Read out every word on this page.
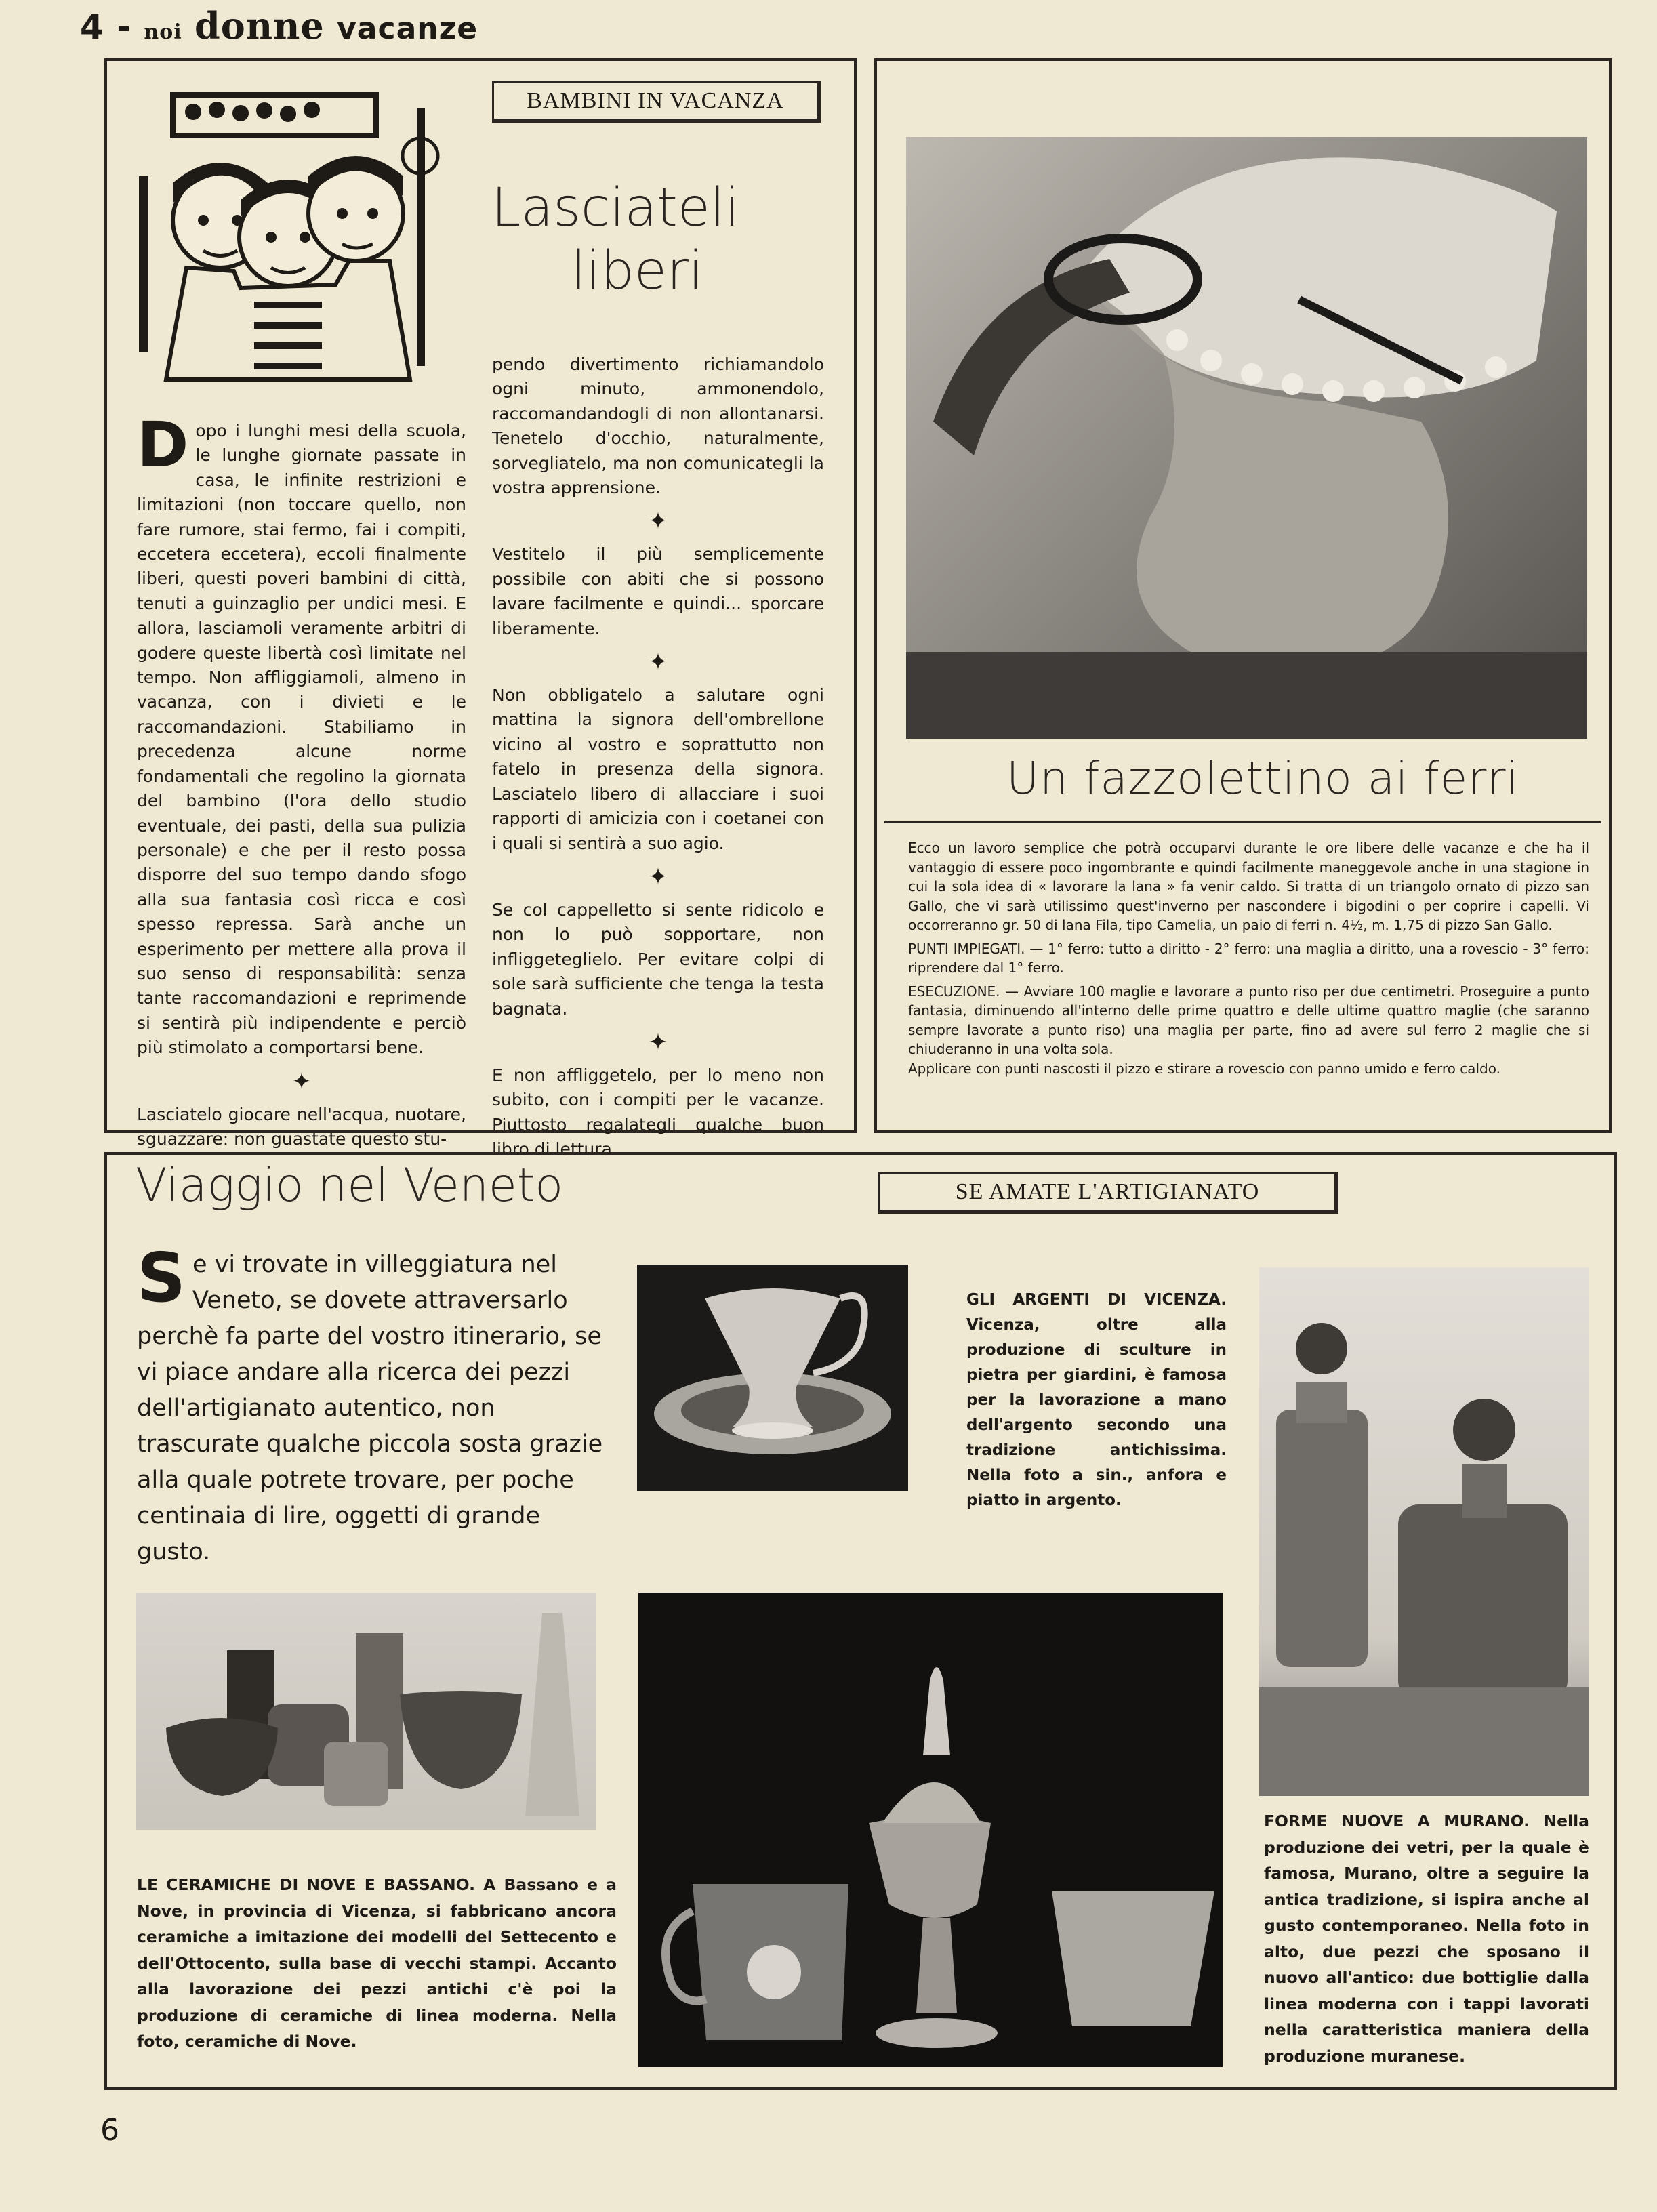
4 - noi donne vacanze
BAMBINI IN VACANZA
Lasciateli
liberi

Dopo i lunghi mesi della scuola, le lunghe giornate passate in casa, le infinite restrizioni e limitazioni (non toccare quello, non fare rumore, stai fermo, fai i compiti, eccetera eccetera), eccoli finalmente liberi, questi poveri bambini di città, tenuti a guinzaglio per undici mesi. E allora, lasciamoli veramente arbitri di godere queste libertà così limitate nel tempo. Non affliggiamoli, almeno in vacanza, con i divieti e le raccomandazioni. Stabiliamo in precedenza alcune norme fondamentali che regolino la giornata del bambino (l'ora dello studio eventuale, dei pasti, della sua pulizia personale) e che per il resto possa disporre del suo tempo dando sfogo alla sua fantasia così ricca e così spesso repressa. Sarà anche un esperimento per mettere alla prova il suo senso di responsabilità: senza tante raccomandazioni e reprimende si sentirà più indipendente e perciò più stimolato a comportarsi bene.

✦

Lasciatelo giocare nell'acqua, nuotare, sguazzare: non guastate questo stu-

pendo divertimento richiamandolo ogni minuto, ammonendolo, raccomandandogli di non allontanarsi. Tenetelo d'occhio, naturalmente, sorvegliatelo, ma non comunicategli la vostra apprensione.

✦

Vestitelo il più semplicemente possibile con abiti che si possono lavare facilmente e quindi... sporcare liberamente.

✦

Non obbligatelo a salutare ogni mattina la signora dell'ombrellone vicino al vostro e soprattutto non fatelo in presenza della signora. Lasciatelo libero di allacciare i suoi rapporti di amicizia con i coetanei con i quali si sentirà a suo agio.

✦

Se col cappelletto si sente ridicolo e non lo può sopportare, non infliggeteglielo. Per evitare colpi di sole sarà sufficiente che tenga la testa bagnata.

✦

E non affliggetelo, per lo meno non subito, con i compiti per le vacanze. Piuttosto regalategli qualche buon libro di lettura.

Un fazzolettino ai ferri

Ecco un lavoro semplice che potrà occuparvi durante le ore libere delle vacanze e che ha il vantaggio di essere poco ingombrante e quindi facilmente maneggevole anche in una stagione in cui la sola idea di « lavorare la lana » fa venir caldo. Si tratta di un triangolo ornato di pizzo san Gallo, che vi sarà utilissimo quest'inverno per nascondere i bigodini o per coprire i capelli. Vi occorreranno gr. 50 di lana Fila, tipo Camelia, un paio di ferri n. 4½, m. 1,75 di pizzo San Gallo.

PUNTI IMPIEGATI. — 1° ferro: tutto a diritto - 2° ferro: una maglia a diritto, una a rovescio - 3° ferro: riprendere dal 1° ferro.

ESECUZIONE. — Avviare 100 maglie e lavorare a punto riso per due centimetri. Proseguire a punto fantasia, diminuendo all'interno delle prime quattro e delle ultime quattro maglie (che saranno sempre lavorate a punto riso) una maglia per parte, fino ad avere sul ferro 2 maglie che si chiuderanno in una volta sola.

Applicare con punti nascosti il pizzo e stirare a rovescio con panno umido e ferro caldo.

Viaggio nel Veneto	SE AMATE L'ARTIGIANATO
Se vi trovate in villeggiatura nel Veneto, se dovete attraversarlo perchè fa parte del vostro itinerario, se vi piace andare alla ricerca dei pezzi dell'artigianato autentico, non trascurate qualche piccola sosta grazie alla quale potrete trovare, per poche centinaia di lire, oggetti di grande gusto.
GLI ARGENTI DI VICENZA. Vicenza, oltre alla produzione di sculture in pietra per giardini, è famosa per la lavorazione a mano dell'argento secondo una tradizione antichissima. Nella foto a sin., anfora e piatto in argento.
LE CERAMICHE DI NOVE E BASSANO. A Bassano e a Nove, in provincia di Vicenza, si fabbricano ancora ceramiche a imitazione dei modelli del Settecento e dell'Ottocento, sulla base di vecchi stampi. Accanto alla lavorazione dei pezzi antichi c'è poi la produzione di ceramiche di linea moderna. Nella foto, ceramiche di Nove.
FORME NUOVE A MURANO. Nella produzione dei vetri, per la quale è famosa, Murano, oltre a seguire la antica tradizione, si ispira anche al gusto contemporaneo. Nella foto in alto, due pezzi che sposano il nuovo all'antico: due bottiglie dalla linea moderna con i tappi lavorati nella caratteristica maniera della produzione muranese.
6
